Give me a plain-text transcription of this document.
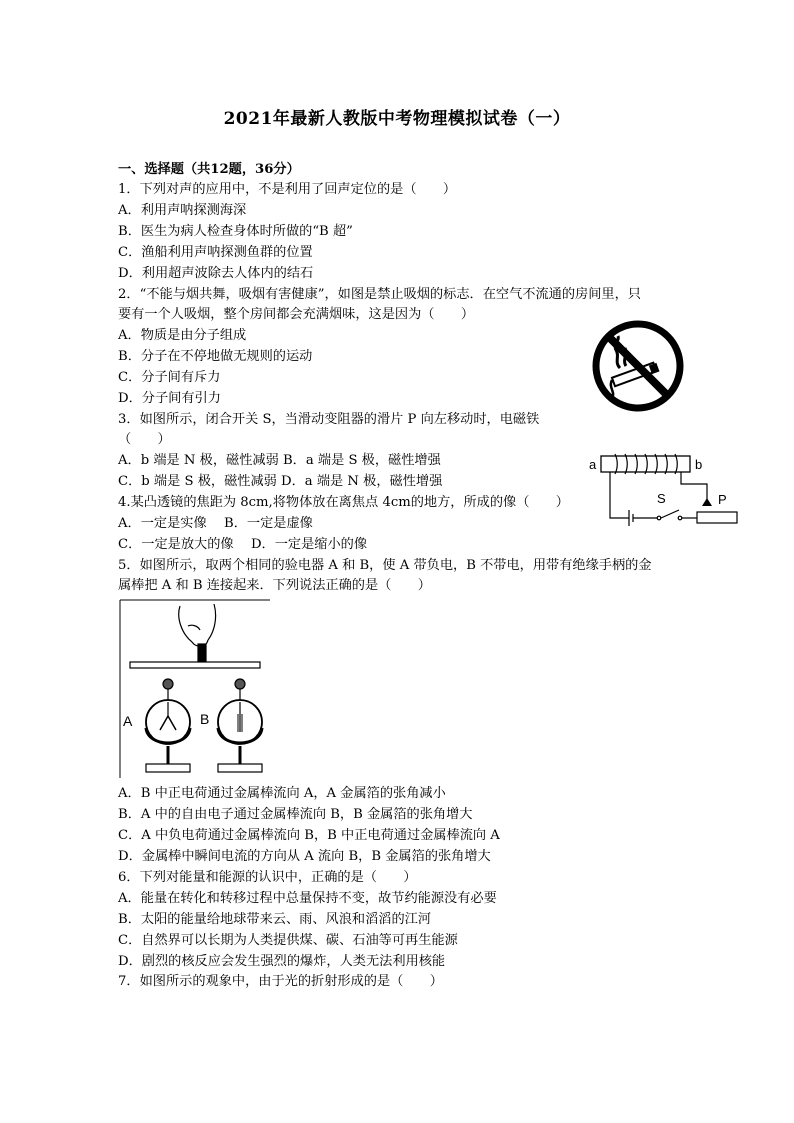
2021年最新人教版中考物理模拟试卷（一）
一、选择题（共12题，36分）
1．下列对声的应用中，不是利用了回声定位的是（　　）
A．利用声呐探测海深
B．医生为病人检查身体时所做的“B 超”
C．渔船利用声呐探测鱼群的位置
D．利用超声波除去人体内的结石
2．“不能与烟共舞，吸烟有害健康”，如图是禁止吸烟的标志．在空气不流通的房间里，只
要有一个人吸烟，整个房间都会充满烟味，这是因为（　　）
A．物质是由分子组成
B．分子在不停地做无规则的运动
C．分子间有斥力
D．分子间有引力
3．如图所示，闭合开关 S，当滑动变阻器的滑片 P 向左移动时，电磁铁
（　　）
A．b 端是 N 极，磁性减弱 B．a 端是 S 极，磁性增强
C．b 端是 S 极，磁性减弱 D．a 端是 N 极，磁性增强
4.某凸透镜的焦距为 8cm,将物体放在离焦点 4cm的地方，所成的像（　　）
A．一定是实像　 B．一定是虚像
C．一定是放大的像　 D．一定是缩小的像
5．如图所示，取两个相同的验电器 A 和 B，使 A 带负电，B 不带电，用带有绝缘手柄的金
属棒把 A 和 B 连接起来．下列说法正确的是（　　）
A．B 中正电荷通过金属棒流向 A，A 金属箔的张角减小
B．A 中的自由电子通过金属棒流向 B，B 金属箔的张角增大
C．A 中负电荷通过金属棒流向 B，B 中正电荷通过金属棒流向 A
D．金属棒中瞬间电流的方向从 A 流向 B，B 金属箔的张角增大
6．下列对能量和能源的认识中，正确的是（　　）
A．能量在转化和转移过程中总量保持不变，故节约能源没有必要
B．太阳的能量给地球带来云、雨、风浪和滔滔的江河
C．自然界可以长期为人类提供煤、碳、石油等可再生能源
D．剧烈的核反应会发生强烈的爆炸，人类无法利用核能
7．如图所示的观象中，由于光的折射形成的是（　　）
a	b
S	P
A	B
